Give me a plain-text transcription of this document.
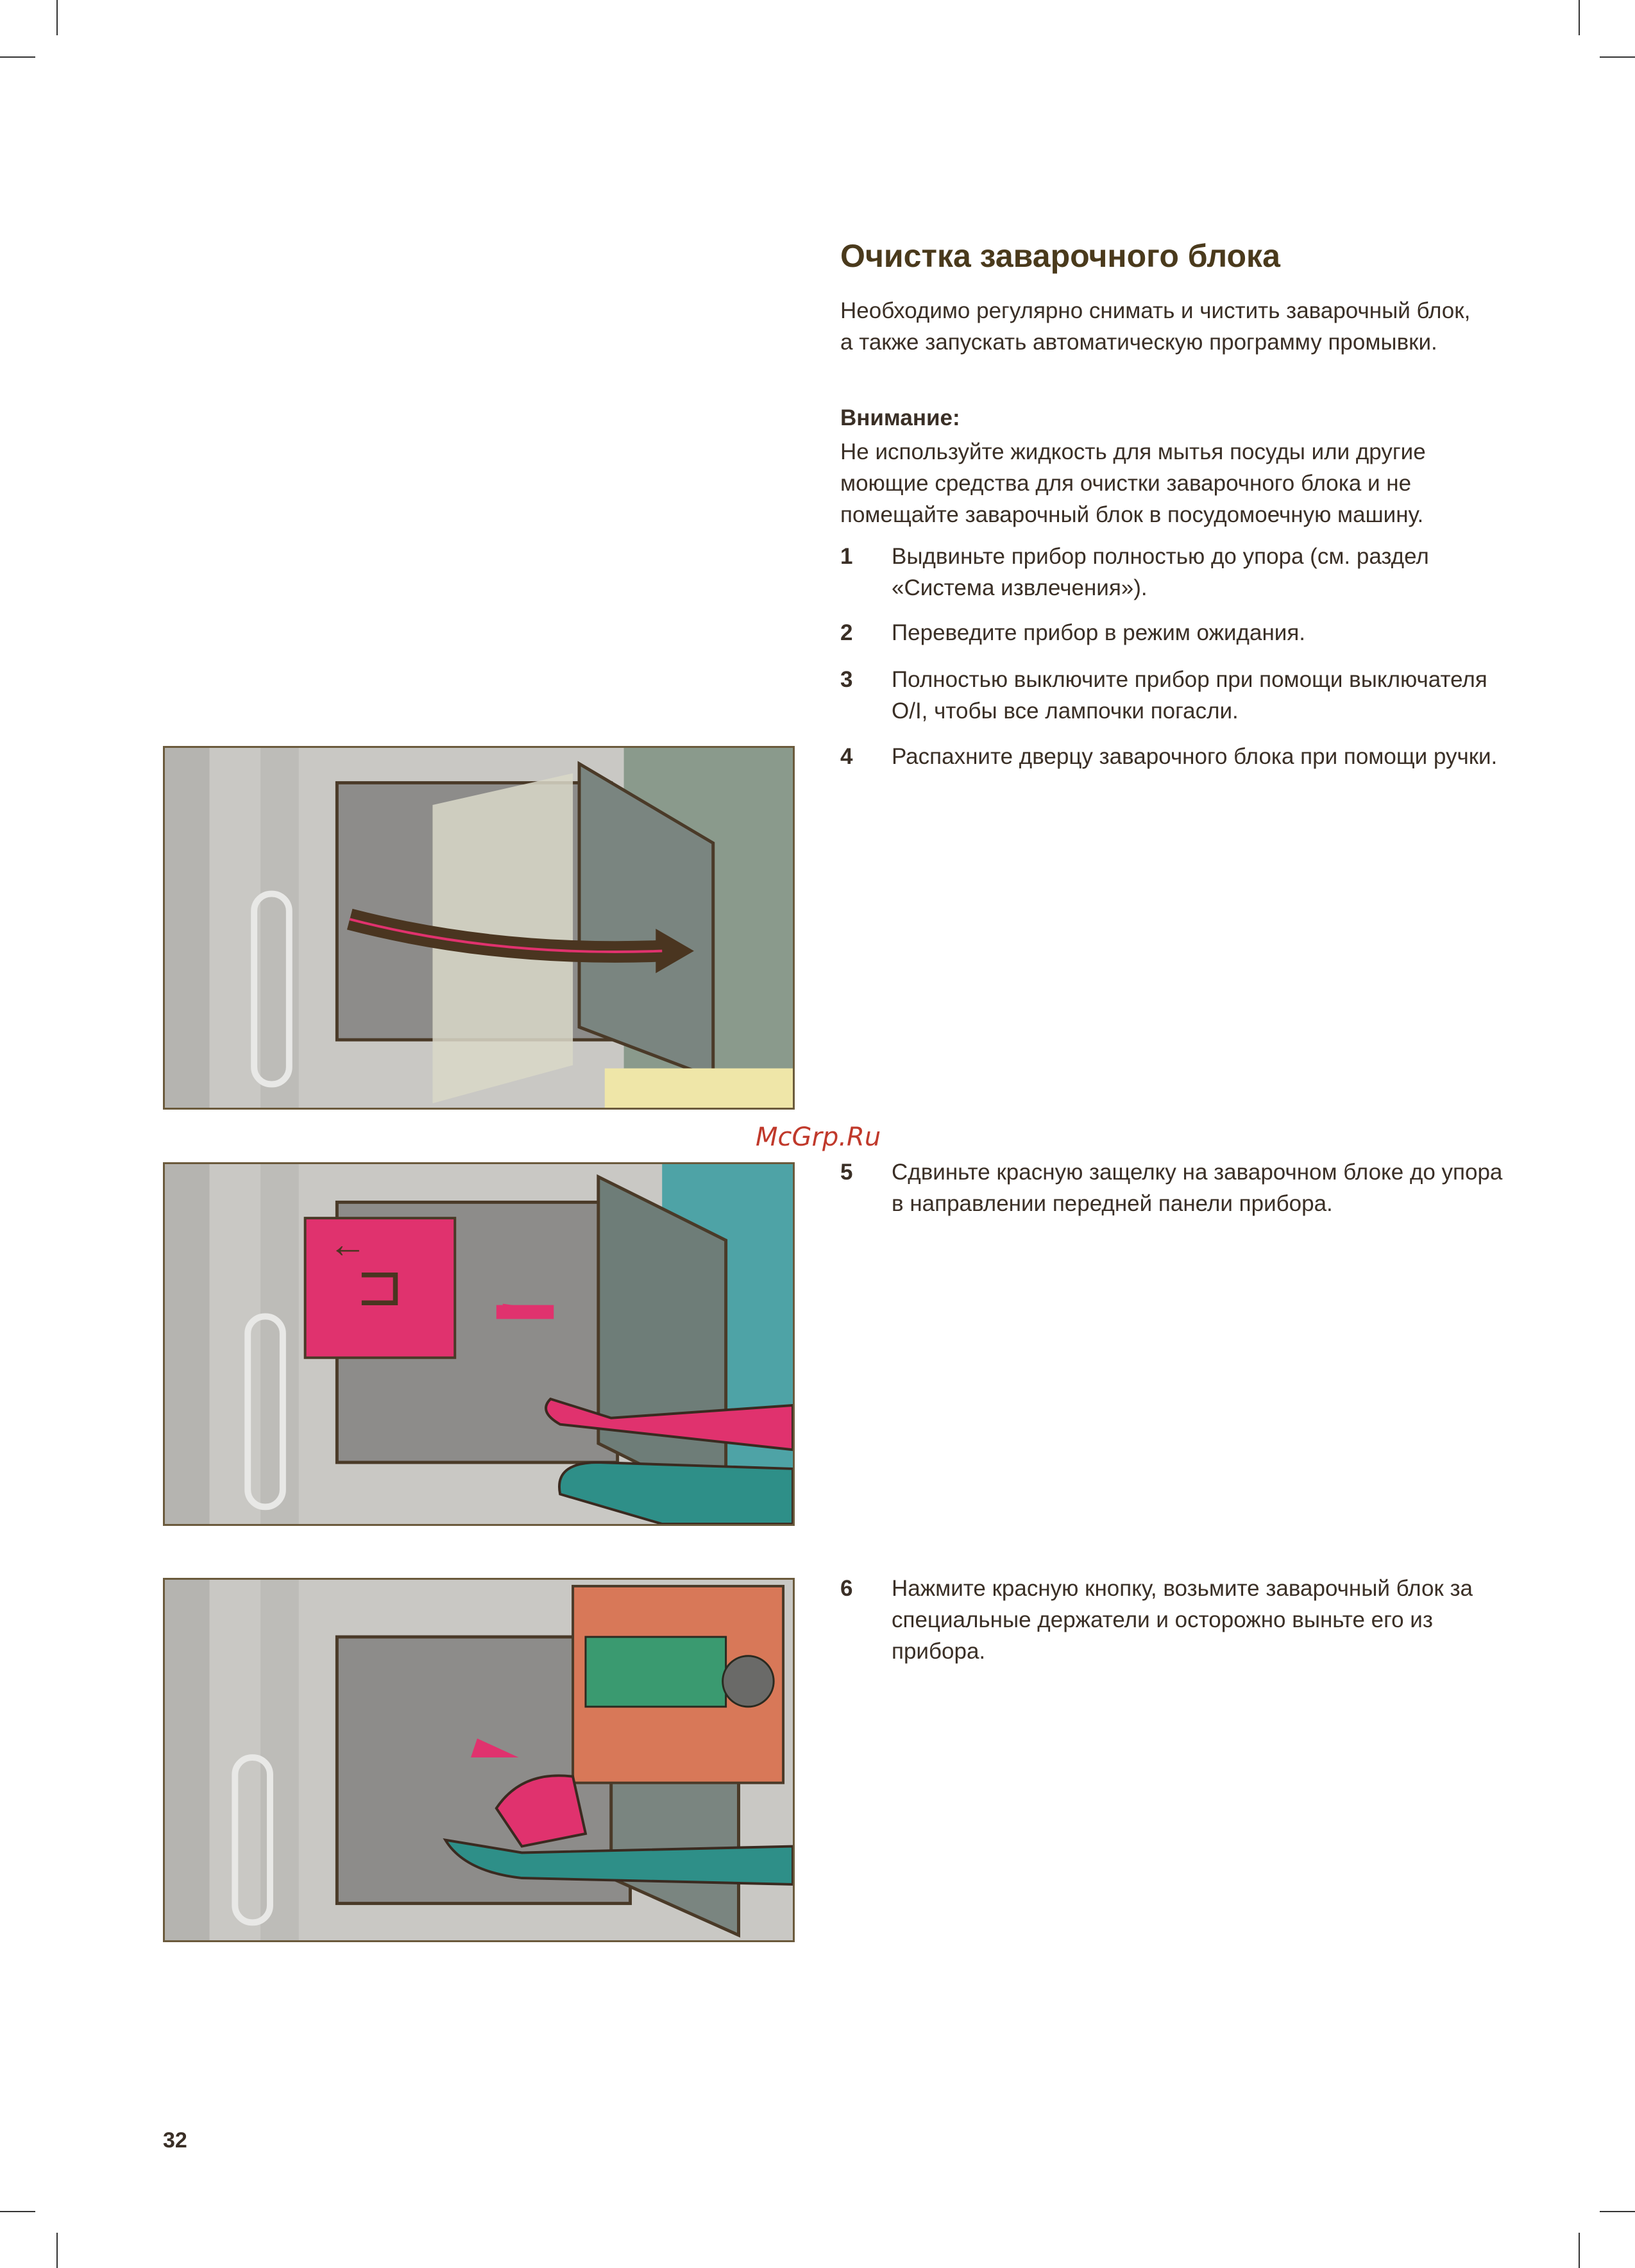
Очистка заварочного блока

Необходимо регулярно снимать и чистить заварочный блок, а также запускать автоматическую программу промывки.

Внимание:

Не используйте жидкость для мытья посуды или другие моющие средства для очистки заварочного блока и не помещайте заварочный блок в посудомоечную машину.

1 Выдвиньте прибор полностью до упора (см. раздел «Система извлечения»).
2 Переведите прибор в режим ожидания.
3 Полностью выключите прибор при помощи выключателя O/I, чтобы все лампочки погасли.
4 Распахните дверцу заварочного блока при помощи ручки.
5 Сдвиньте красную защелку на заварочном блоке до упора в направлении передней панели прибора.
6 Нажмите красную кнопку, возьмите заварочный блок за специальные держатели и осторожно выньте его из прибора.
McGrp.Ru
⊐
←
32
